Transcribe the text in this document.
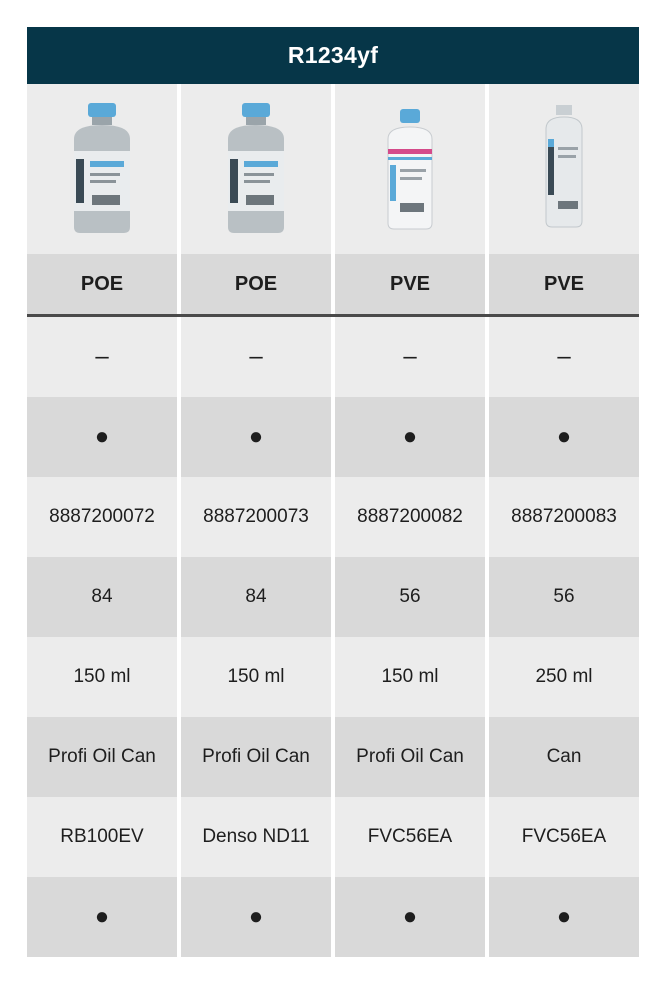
R1234yf
POE	POE	PVE	PVE
–	–	–	–
●	●	●	●
8887200072	8887200073	8887200082	8887200083
84	84	56	56
150 ml	150 ml	150 ml	250 ml
Profi Oil Can	Profi Oil Can	Profi Oil Can	Can
RB100EV	Denso ND11	FVC56EA	FVC56EA
●	●	●	●
